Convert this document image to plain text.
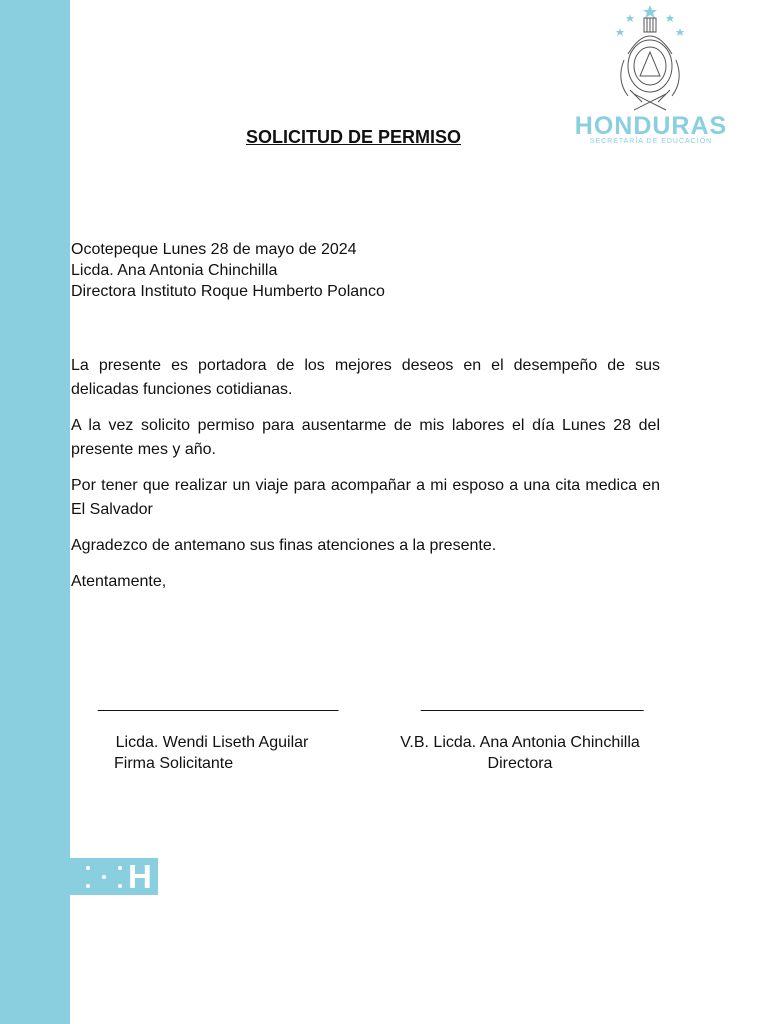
HONDURAS
SECRETARÍA DE EDUCACIÓN
SOLICITUD DE PERMISO
Ocotepeque Lunes 28 de mayo de 2024
Licda. Ana Antonia Chinchilla
Directora Instituto Roque Humberto Polanco

La presente es portadora de los mejores deseos en el desempeño de sus delicadas funciones cotidianas.

A la vez solicito permiso para ausentarme de mis labores el día Lunes 28 del presente mes y año.

Por tener que realizar un viaje para acompañar a mi esposo a una cita medica en El Salvador

Agradezco de antemano sus finas atenciones a la presente.

Atentamente,

___________________________	_________________________
Licda. Wendi Liseth Aguilar
Firma Solicitante
V.B. Licda. Ana Antonia Chinchilla
Directora
H
